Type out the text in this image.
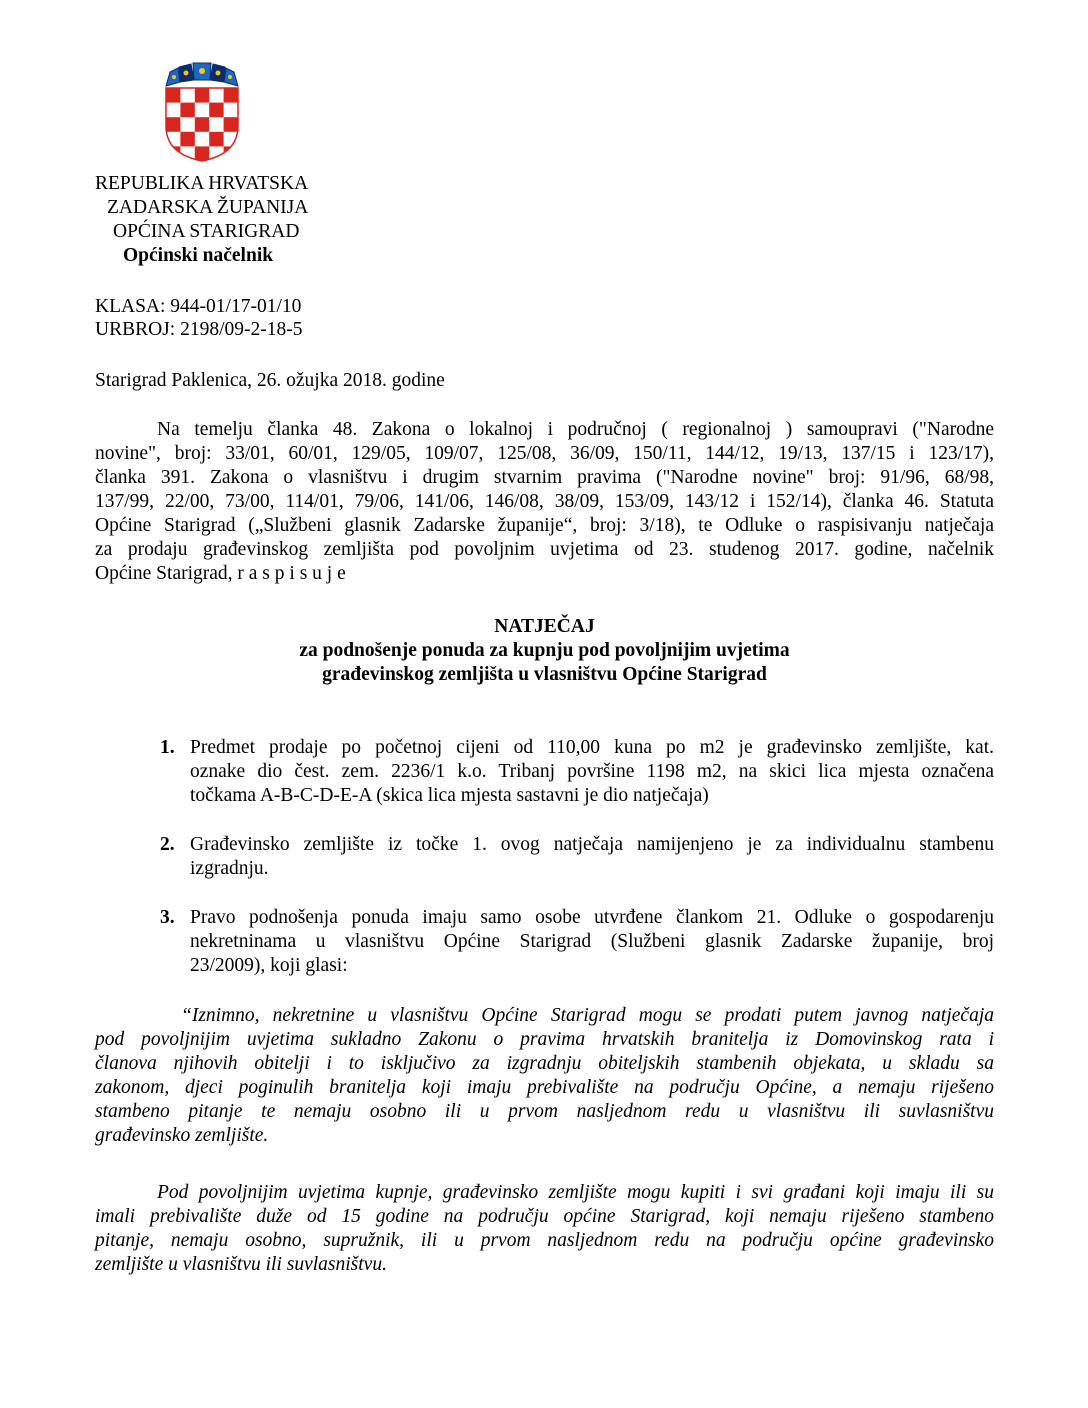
REPUBLIKA HRVATSKA
ZADARSKA ŽUPANIJA
OPĆINA STARIGRAD
Općinski načelnik
KLASA: 944-01/17-01/10
URBROJ: 2198/09-2-18-5
Starigrad Paklenica, 26. ožujka 2018. godine
Na temelju članka 48. Zakona o lokalnoj i područnoj ( regionalnoj ) samoupravi ("Narodne
novine", broj: 33/01, 60/01, 129/05, 109/07, 125/08, 36/09, 150/11, 144/12, 19/13, 137/15 i 123/17),
članka 391. Zakona o vlasništvu i drugim stvarnim pravima ("Narodne novine" broj: 91/96, 68/98,
137/99, 22/00, 73/00, 114/01, 79/06, 141/06, 146/08, 38/09, 153/09, 143/12 i 152/14), članka 46. Statuta
Općine Starigrad („Službeni glasnik Zadarske županije“, broj: 3/18), te Odluke o raspisivanju natječaja
za prodaju građevinskog zemljišta pod povoljnim uvjetima od 23. studenog 2017. godine, načelnik
Općine Starigrad, r a s p i s u j e
NATJEČAJ
za podnošenje ponuda za kupnju pod povoljnijim uvjetima
građevinskog zemljišta u vlasništvu Općine Starigrad
1. Predmet prodaje po početnoj cijeni od 110,00 kuna po m2 je građevinsko zemljište, kat.
oznake dio čest. zem. 2236/1 k.o. Tribanj površine 1198 m2, na skici lica mjesta označena
točkama A-B-C-D-E-A (skica lica mjesta sastavni je dio natječaja)
2. Građevinsko zemljište iz točke 1. ovog natječaja namijenjeno je za individualnu stambenu
izgradnju.
3. Pravo podnošenja ponuda imaju samo osobe utvrđene člankom 21. Odluke o gospodarenju
nekretninama u vlasništvu Općine Starigrad (Službeni glasnik Zadarske županije, broj
23/2009), koji glasi:
“Iznimno, nekretnine u vlasništvu Općine Starigrad mogu se prodati putem javnog natječaja
pod povoljnijim uvjetima sukladno Zakonu o pravima hrvatskih branitelja iz Domovinskog rata i
članova njihovih obitelji i to isključivo za izgradnju obiteljskih stambenih objekata, u skladu sa
zakonom, djeci poginulih branitelja koji imaju prebivalište na području Općine, a nemaju riješeno
stambeno pitanje te nemaju osobno ili u prvom nasljednom redu u vlasništvu ili suvlasništvu
građevinsko zemljište.
Pod povoljnijim uvjetima kupnje, građevinsko zemljište mogu kupiti i svi građani koji imaju ili su
imali prebivalište duže od 15 godine na području općine Starigrad, koji nemaju riješeno stambeno
pitanje, nemaju osobno, supružnik, ili u prvom nasljednom redu na području općine građevinsko
zemljište u vlasništvu ili suvlasništvu.
